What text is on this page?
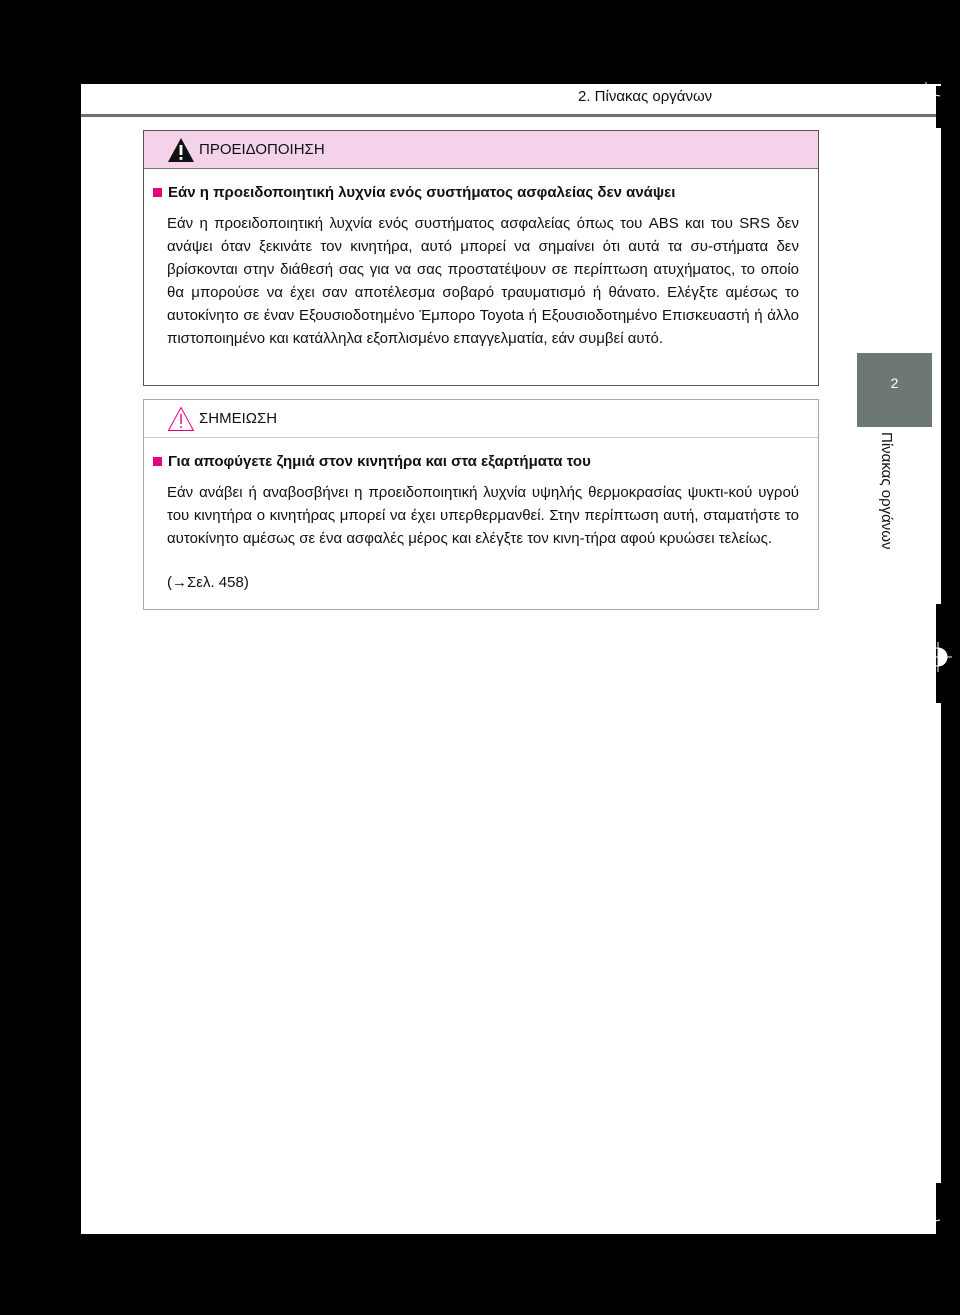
2. Πίνακας οργάνων
2
Πίνακας οργάνων
ΠΡΟΕΙΔΟΠΟΙΗΣΗ
Εάν η προειδοποιητική λυχνία ενός συστήματος ασφαλείας δεν ανάψει
Εάν η προειδοποιητική λυχνία ενός συστήματος ασφαλείας όπως του ABS και του SRS δεν ανάψει όταν ξεκινάτε τον κινητήρα, αυτό μπορεί να σημαίνει ότι αυτά τα συ-στήματα δεν βρίσκονται στην διάθεσή σας για να σας προστατέψουν σε περίπτωση ατυχήματος, το οποίο θα μπορούσε να έχει σαν αποτέλεσμα σοβαρό τραυματισμό ή θάνατο. Ελέγξτε αμέσως το αυτοκίνητο σε έναν Εξουσιοδοτημένο Έμπορο Toyota ή Εξουσιοδοτημένο Επισκευαστή ή άλλο πιστοποιημένο και κατάλληλα εξοπλισμένο επαγγελματία, εάν συμβεί αυτό.
ΣΗΜΕΙΩΣΗ
Για αποφύγετε ζημιά στον κινητήρα και στα εξαρτήματα του
Εάν ανάβει ή αναβοσβήνει η προειδοποιητική λυχνία υψηλής θερμοκρασίας ψυκτι-κού υγρού του κινητήρα ο κινητήρας μπορεί να έχει υπερθερμανθεί. Στην περίπτωση αυτή, σταματήστε το αυτοκίνητο αμέσως σε ένα ασφαλές μέρος και ελέγξτε τον κινη-τήρα αφού κρυώσει τελείως.
(→Σελ. 458)
